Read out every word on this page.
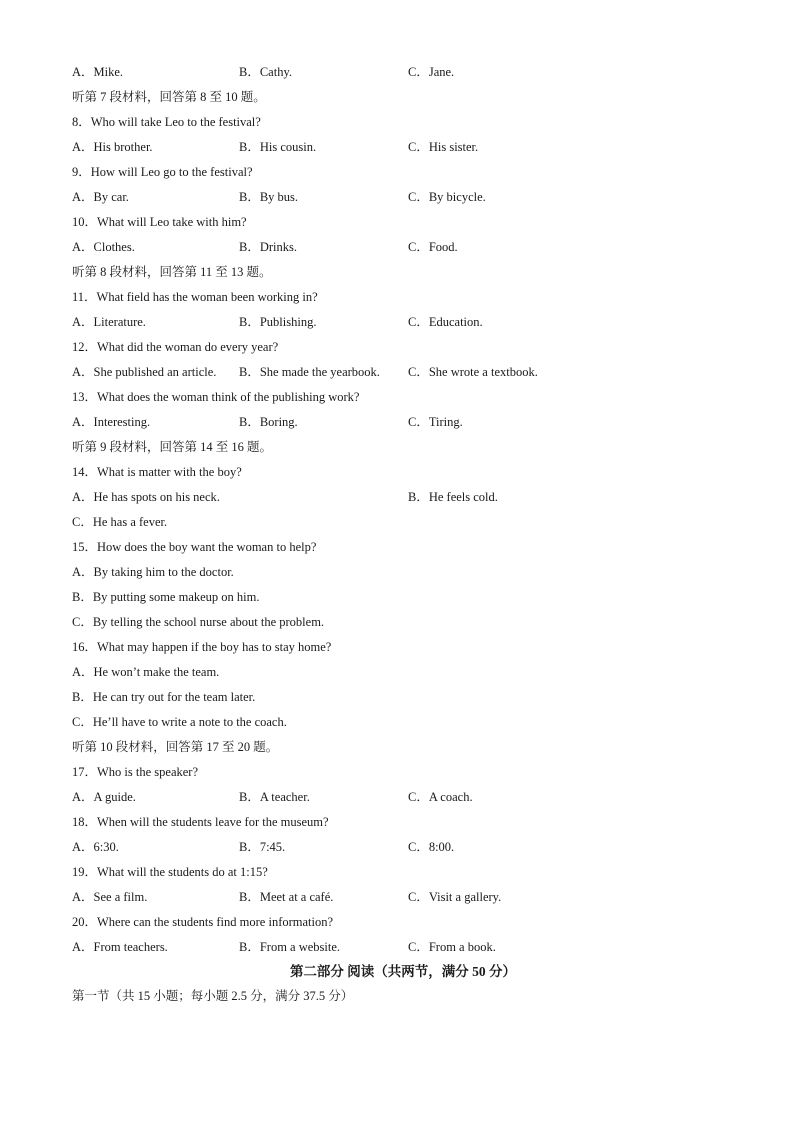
A．Mike.	B．Cathy.	C．Jane.
听第 7 段材料，回答第 8 至 10 题。
8．Who will take Leo to the festival?
A．His brother.	B．His cousin.	C．His sister.
9．How will Leo go to the festival?
A．By car.	B．By bus.	C．By bicycle.
10．What will Leo take with him?
A．Clothes.	B．Drinks.	C．Food.
听第 8 段材料，回答第 11 至 13 题。
11．What field has the woman been working in?
A．Literature.	B．Publishing.	C．Education.
12．What did the woman do every year?
A．She published an article. B．She made the yearbook. C．She wrote a textbook.
13．What does the woman think of the publishing work?
A．Interesting.	B．Boring.	C．Tiring.
听第 9 段材料，回答第 14 至 16 题。
14．What is matter with the boy?
A．He has spots on his neck.	B．He feels cold.
C．He has a fever.
15．How does the boy want the woman to help?
A．By taking him to the doctor.
B．By putting some makeup on him.
C．By telling the school nurse about the problem.
16．What may happen if the boy has to stay home?
A．He won’t make the team.
B．He can try out for the team later.
C．He’ll have to write a note to the coach.
听第 10 段材料，回答第 17 至 20 题。
17．Who is the speaker?
A．A guide.	B．A teacher.	C．A coach.
18．When will the students leave for the museum?
A．6:30.	B．7:45.	C．8:00.
19．What will the students do at 1:15?
A．See a film.	B．Meet at a café.	C．Visit a gallery.
20．Where can the students find more information?
A．From teachers.	B．From a website.	C．From a book.
第二部分 阅读（共两节，满分 50 分）
第一节（共 15 小题；每小题 2.5 分，满分 37.5 分）
